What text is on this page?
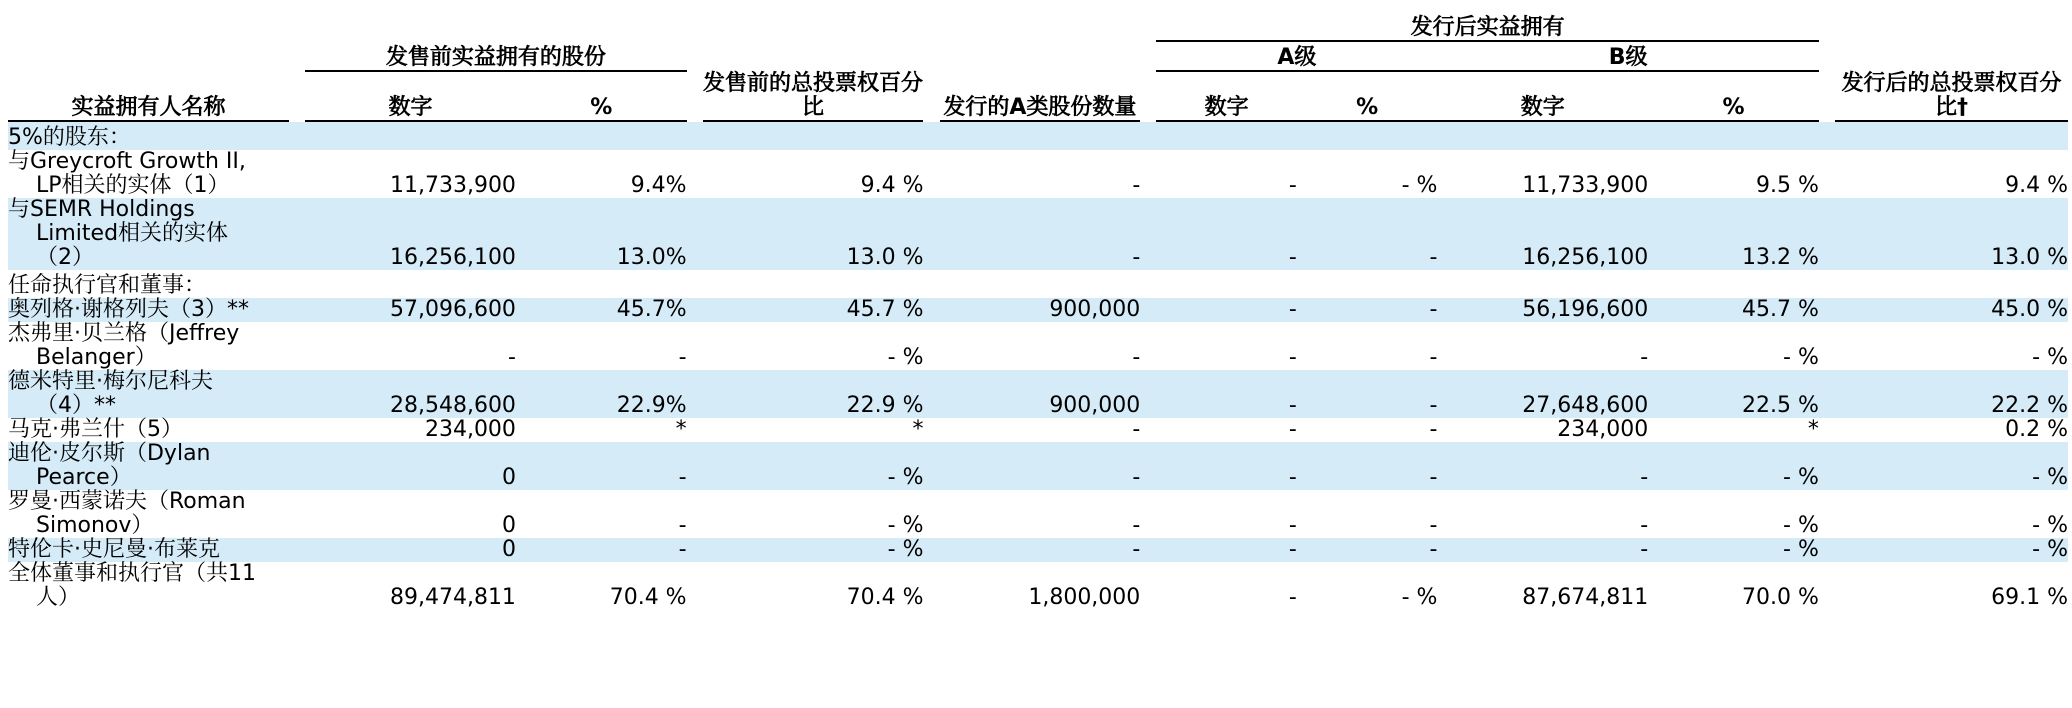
									发行后实益拥有					
		发售前实益拥有的股份							A级		B级			
实益拥有人名称		数字	%		发售前的总投票权百分比		发行的A类股份数量		数字	%	数字	%		发行后的总投票权百分比†
5%的股东：														

与Greycroft Growth II,
LP相关的实体（1）		11,733,900	9.4%		9.4 %		-		-	- %	11,733,900	9.5 %		9.4 %

与SEMR Holdings
Limited相关的实体
（2）		16,256,100	13.0%		13.0 %		-		-	-	16,256,100	13.2 %		13.0 %
任命执行官和董事：														

奥列格·谢格列夫（3）**		57,096,600	45.7%		45.7 %		900,000		-	-	56,196,600	45.7 %		45.0 %

杰弗里·贝兰格（Jeffrey
Belanger）		-	-		- %		-		-	-	-	- %		- %

德米特里·梅尔尼科夫
（4）**		28,548,600	22.9%		22.9 %		900,000		-	-	27,648,600	22.5 %		22.2 %

马克·弗兰什（5）		234,000	*		*		-		-	-	234,000	*		0.2 %

迪伦·皮尔斯（Dylan
Pearce）		0	-		- %		-		-	-	-	- %		- %

罗曼·西蒙诺夫（Roman
Simonov）		0	-		- %		-		-	-	-	- %		- %

特伦卡·史尼曼·布莱克		0	-		- %		-		-	-	-	- %		- %

全体董事和执行官（共11
人）		89,474,811	70.4 %		70.4 %		1,800,000		-	- %	87,674,811	70.0 %		69.1 %
